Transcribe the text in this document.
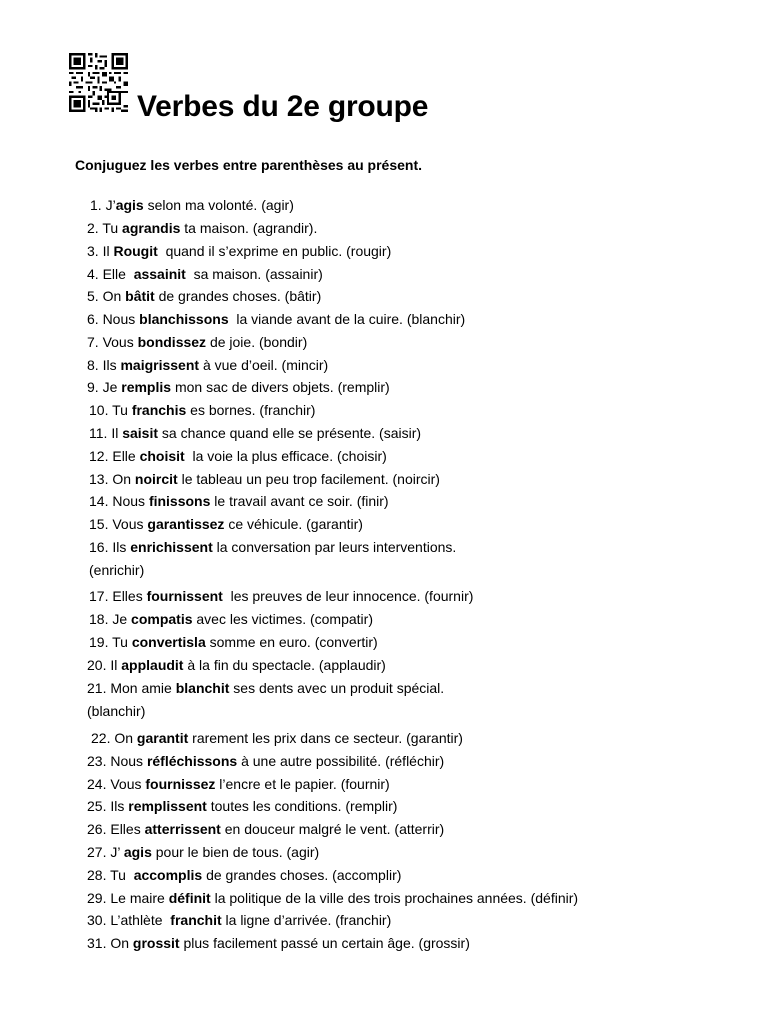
Verbes du 2e groupe
Conjuguez les verbes entre parenthèses au présent.
1. J’agis selon ma volonté. (agir)
2. Tu agrandis ta maison. (agrandir).
3. Il Rougit  quand il s’exprime en public. (rougir)
4. Elle  assainit  sa maison. (assainir)
5. On bâtit de grandes choses. (bâtir)
6. Nous blanchissons  la viande avant de la cuire. (blanchir)
7. Vous bondissez de joie. (bondir)
8. Ils maigrissent à vue d’oeil. (mincir)
9. Je remplis mon sac de divers objets. (remplir)
10. Tu franchis es bornes. (franchir)
11. Il saisit sa chance quand elle se présente. (saisir)
12. Elle choisit  la voie la plus efficace. (choisir)
13. On noircit le tableau un peu trop facilement. (noircir)
14. Nous finissons le travail avant ce soir. (finir)
15. Vous garantissez ce véhicule. (garantir)
16. Ils enrichissent la conversation par leurs interventions.
(enrichir)
17. Elles fournissent  les preuves de leur innocence. (fournir)
18. Je compatis avec les victimes. (compatir)
19. Tu convertisla somme en euro. (convertir)
20. Il applaudit à la fin du spectacle. (applaudir)
21. Mon amie blanchit ses dents avec un produit spécial.
(blanchir)
22. On garantit rarement les prix dans ce secteur. (garantir)
23. Nous réfléchissons à une autre possibilité. (réfléchir)
24. Vous fournissez l’encre et le papier. (fournir)
25. Ils remplissent toutes les conditions. (remplir)
26. Elles atterrissent en douceur malgré le vent. (atterrir)
27. J’ agis pour le bien de tous. (agir)
28. Tu  accomplis de grandes choses. (accomplir)
29. Le maire définit la politique de la ville des trois prochaines années. (définir)
30. L’athlète  franchit la ligne d’arrivée. (franchir)
31. On grossit plus facilement passé un certain âge. (grossir)
